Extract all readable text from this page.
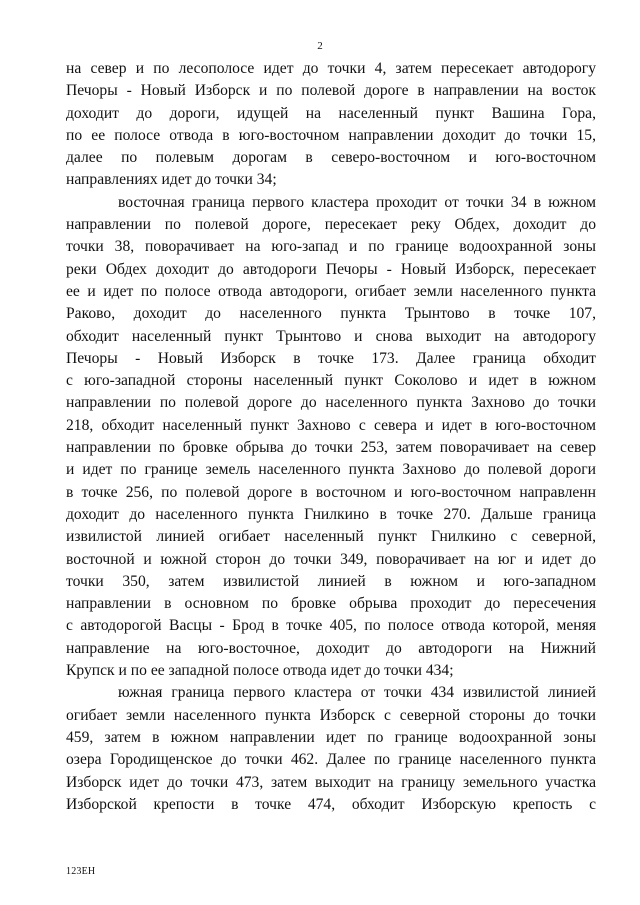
2
на север и по лесополосе идет до точки 4, затем пересекает автодорогу
Печоры - Новый Изборск и по полевой дороге в направлении на восток
доходит до дороги, идущей на населенный пункт Вашина Гора,
по ее полосе отвода в юго-восточном направлении доходит до точки 15,
далее по полевым дорогам в северо-восточном и юго-восточном
направлениях идет до точки 34;
восточная граница первого кластера проходит от точки 34 в южном
направлении по полевой дороге, пересекает реку Обдех, доходит до
точки 38, поворачивает на юго-запад и по границе водоохранной зоны
реки Обдех доходит до автодороги Печоры - Новый Изборск, пересекает
ее и идет по полосе отвода автодороги, огибает земли населенного пункта
Раково, доходит до населенного пункта Трынтово в точке 107,
обходит населенный пункт Трынтово и снова выходит на автодорогу
Печоры - Новый Изборск в точке 173. Далее граница обходит
с юго-западной стороны населенный пункт Соколово и идет в южном
направлении по полевой дороге до населенного пункта Захново до точки
218, обходит населенный пункт Захново с севера и идет в юго-восточном
направлении по бровке обрыва до точки 253, затем поворачивает на север
и идет по границе земель населенного пункта Захново до полевой дороги
в точке 256, по полевой дороге в восточном и юго-восточном направленн
доходит до населенного пункта Гнилкино в точке 270. Дальше граница
извилистой линией огибает населенный пункт Гнилкино с северной,
восточной и южной сторон до точки 349, поворачивает на юг и идет до
точки 350, затем извилистой линией в южном и юго-западном
направлении в основном по бровке обрыва проходит до пересечения
с автодорогой Васцы - Брод в точке 405, по полосе отвода которой, меняя
направление на юго-восточное, доходит до автодороги на Нижний
Крупск и по ее западной полосе отвода идет до точки 434;
южная граница первого кластера от точки 434 извилистой линией
огибает земли населенного пункта Изборск с северной стороны до точки
459, затем в южном направлении идет по границе водоохранной зоны
озера Городищенское до точки 462. Далее по границе населенного пункта
Изборск идет до точки 473, затем выходит на границу земельного участка
Изборской крепости в точке 474, обходит Изборскую крепость с
123ЕН
